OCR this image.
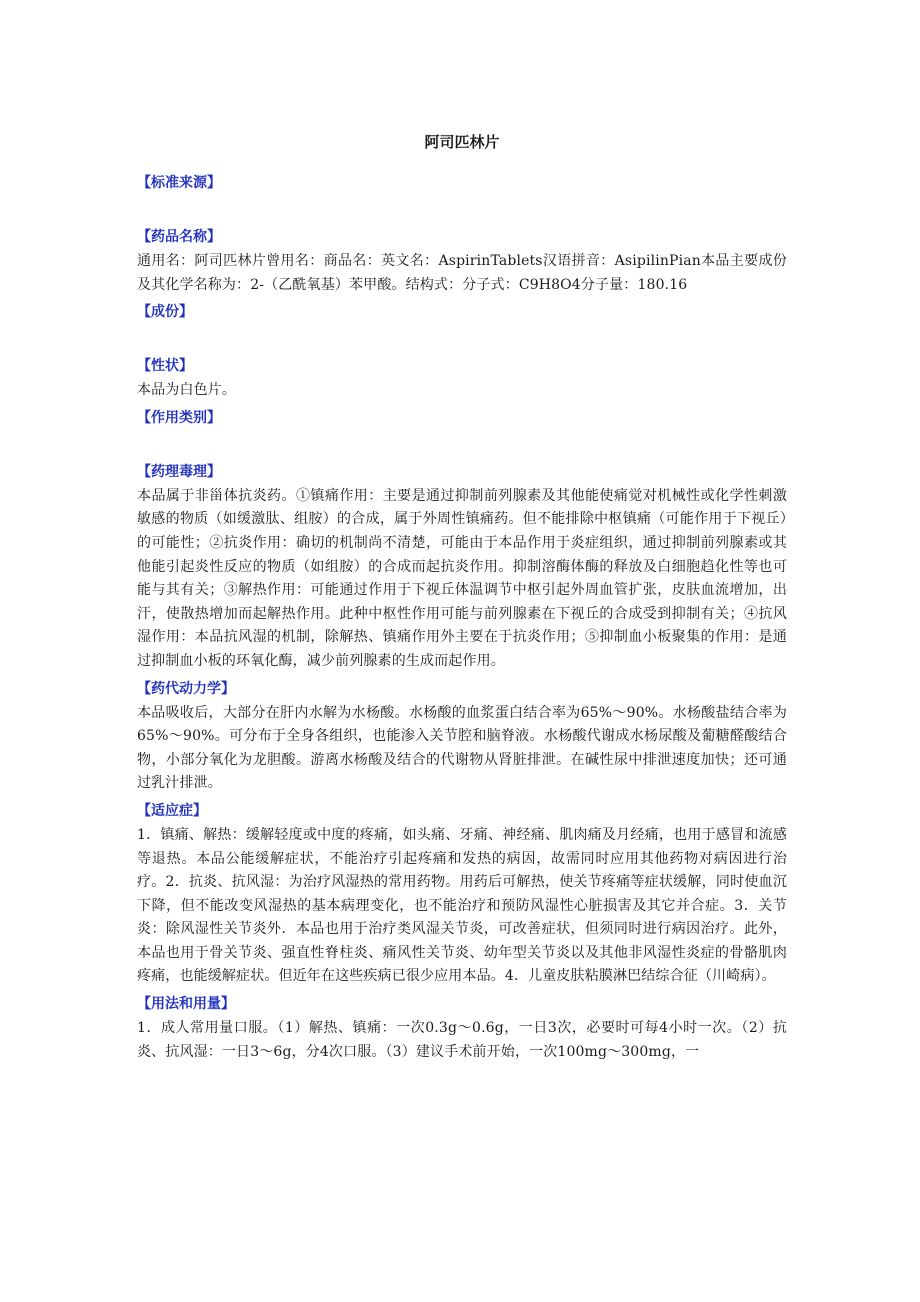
阿司匹林片
【标准来源】
【药品名称】

通用名：阿司匹林片曾用名：商品名：英文名：AspirinTablets汉语拼音：AsipilinPian本品主要成份及其化学名称为：2-（乙酰氧基）苯甲酸。结构式：分子式：C9H8O4分子量：180.16

【成份】
【性状】

本品为白色片。

【作用类别】
【药理毒理】

本品属于非甾体抗炎药。①镇痛作用：主要是通过抑制前列腺素及其他能使痛觉对机械性或化学性刺激敏感的物质（如缓激肽、组胺）的合成，属于外周性镇痛药。但不能排除中枢镇痛（可能作用于下视丘）的可能性；②抗炎作用：确切的机制尚不清楚，可能由于本品作用于炎症组织，通过抑制前列腺素或其他能引起炎性反应的物质（如组胺）的合成而起抗炎作用。抑制溶酶体酶的释放及白细胞趋化性等也可能与其有关；③解热作用：可能通过作用于下视丘体温调节中枢引起外周血管扩张，皮肤血流增加，出汗，使散热增加而起解热作用。此种中枢性作用可能与前列腺素在下视丘的合成受到抑制有关；④抗风湿作用：本品抗风湿的机制，除解热、镇痛作用外主要在于抗炎作用；⑤抑制血小板聚集的作用：是通过抑制血小板的环氧化酶，减少前列腺素的生成而起作用。

【药代动力学】

本品吸收后，大部分在肝内水解为水杨酸。水杨酸的血浆蛋白结合率为65%～90%。水杨酸盐结合率为65%～90%。可分布于全身各组织，也能渗入关节腔和脑脊液。水杨酸代谢成水杨尿酸及葡糖醛酸结合物，小部分氧化为龙胆酸。游离水杨酸及结合的代谢物从肾脏排泄。在碱性尿中排泄速度加快；还可通过乳汁排泄。

【适应症】

1．镇痛、解热：缓解轻度或中度的疼痛，如头痛、牙痛、神经痛、肌肉痛及月经痛，也用于感冒和流感等退热。本品公能缓解症状，不能治疗引起疼痛和发热的病因，故需同时应用其他药物对病因进行治疗。2．抗炎、抗风湿：为治疗风湿热的常用药物。用药后可解热，使关节疼痛等症状缓解，同时使血沉下降，但不能改变风湿热的基本病理变化，也不能治疗和预防风湿性心脏损害及其它并合症。3．关节炎：除风湿性关节炎外．本品也用于治疗类风湿关节炎，可改善症状，但须同时进行病因治疗。此外，本品也用于骨关节炎、强直性脊柱炎、痛风性关节炎、幼年型关节炎以及其他非风湿性炎症的骨骼肌肉疼痛，也能缓解症状。但近年在这些疾病已很少应用本品。4．儿童皮肤粘膜淋巴结综合征（川崎病）。

【用法和用量】

1．成人常用量口服。（1）解热、镇痛：一次0.3g～0.6g，一日3次，必要时可每4小时一次。（2）抗炎、抗风湿：一日3～6g，分4次口服。（3）建议手术前开始，一次100mg～300mg，一
